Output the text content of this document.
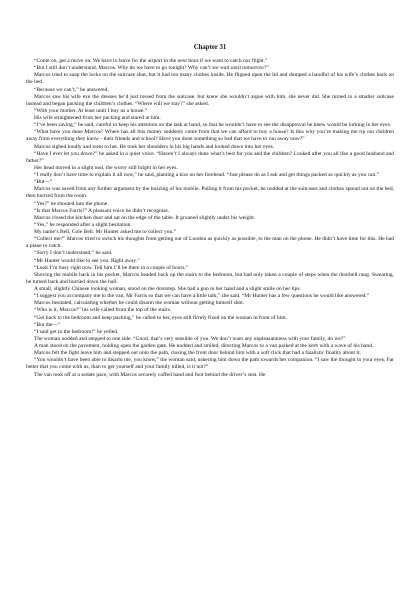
Chapter 31

“Come on, get a move on. We have to leave for the airport in the next hour if we want to catch our flight.”

“But I still don’t understand, Marcos. Why do we have to go tonight? Why can’t we wait until tomorrow?”

Marcos tried to snap the locks on the suitcase shut, but it had too many clothes inside. He flipped open the lid and dumped a handful of his wife’s clothes back on the bed.

“Because we can’t,” he answered.

Marcos saw his wife eye the dresses he’d just tossed from the suitcase, but knew she wouldn’t argue with him, she never did. She turned to a smaller suitcase instead and began packing the children’s clothes. “Where will we stay?” she asked.

“With your mother. At least until I buy us a house.”

His wife straightened from her packing and stared at him.

“I’ve been saving,” he said, careful to keep his attention on the task at hand, so that he wouldn’t have to see the disapproval he knew would be lurking in her eyes.

“What have you done Marcos? Where has all this money suddenly come from that we can afford to buy a house? Is this why you’re making me rip our children away from everything they know - their friends and school? Have you done something so bad that we have to run away now?”

Marcos sighed loudly and went to her. He took her shoulders in his big hands and looked down into her eyes.

“Have I ever let you down?” he asked in a quiet voice. “Haven’t I always done what’s best for you and the children? Looked after you all like a good husband and father?”

Her head moved in a slight nod, the worry still bright in her eyes.

“I really don’t have time to explain it all now,” he said, planting a kiss on her forehead. “Just please do as I ask and get things packed as quickly as you can.”

“But—”

Marcos was saved from any further argument by the buzzing of his mobile. Pulling it from his pocket, he nodded at the suitcases and clothes spread out on the bed, then hurried from the room.

“Yes?” he shouted into the phone.

“Is that Marcos Farris?” A pleasant voice he didn’t recognise.

Marcos closed the kitchen door and sat on the edge of the table. It groaned slightly under his weight.

“Yes,” he responded after a slight hesitation.

My name’s Bell, Cole Bell. Mr Hunter asked me to collect you.”

“Collect me?” Marcos tried to switch his thoughts from getting out of London as quickly as possible, to the man on the phone. He didn’t have time for this. He had a plane to catch.

“Sorry I don’t understand,” he said.

“Mr Hunter would like to see you. Right away.”

“Look I’m busy right now. Tell him I’ll be there in a couple of hours.”

Shoving the mobile back in his pocket, Marcos headed back up the stairs to the bedroom, but had only taken a couple of steps when the doorbell rang. Swearing, he turned back and hurried down the hall.

A small, slightly Chinese looking woman, stood on the doorstep. She had a gun in her hand and a slight smile on her lips.

“I suggest you accompany me to the van, Mr Farris so that we can have a little talk,” she said. “Mr Hunter has a few questions he would like answered.”

Marcos hesitated, calculating whether he could disarm the woman without getting himself shot.

“Who is it, Marcos?” his wife called from the top of the stairs.

“Get back to the bedroom and keep packing,” he called to her, eyes still firmly fixed on the woman in front of him.

“But the—”

“I said get in the bedroom!” he yelled.

The woman nodded and stepped to one side. “Good, that’s very sensible of you. We don’t want any unpleasantness with your family, do we?”

A man stood on the pavement, holding open the garden gate. He nodded and smiled, directing Marcos to a van parked at the kerb with a wave of his hand.

Marcos felt the fight leave him and stepped out onto the path, closing the front door behind him with a soft click that had a fatalistic finality about it.

“You wouldn’t have been able to disarm me, you know,” the woman said, ushering him down the path towards her companion. “I saw the thought in your eyes. Far better that you come with us, than to get yourself and your family killed, is it not?”

The van took off at a sedate pace, with Marcos securely cuffed hand and foot behind the driver’s seat. He
